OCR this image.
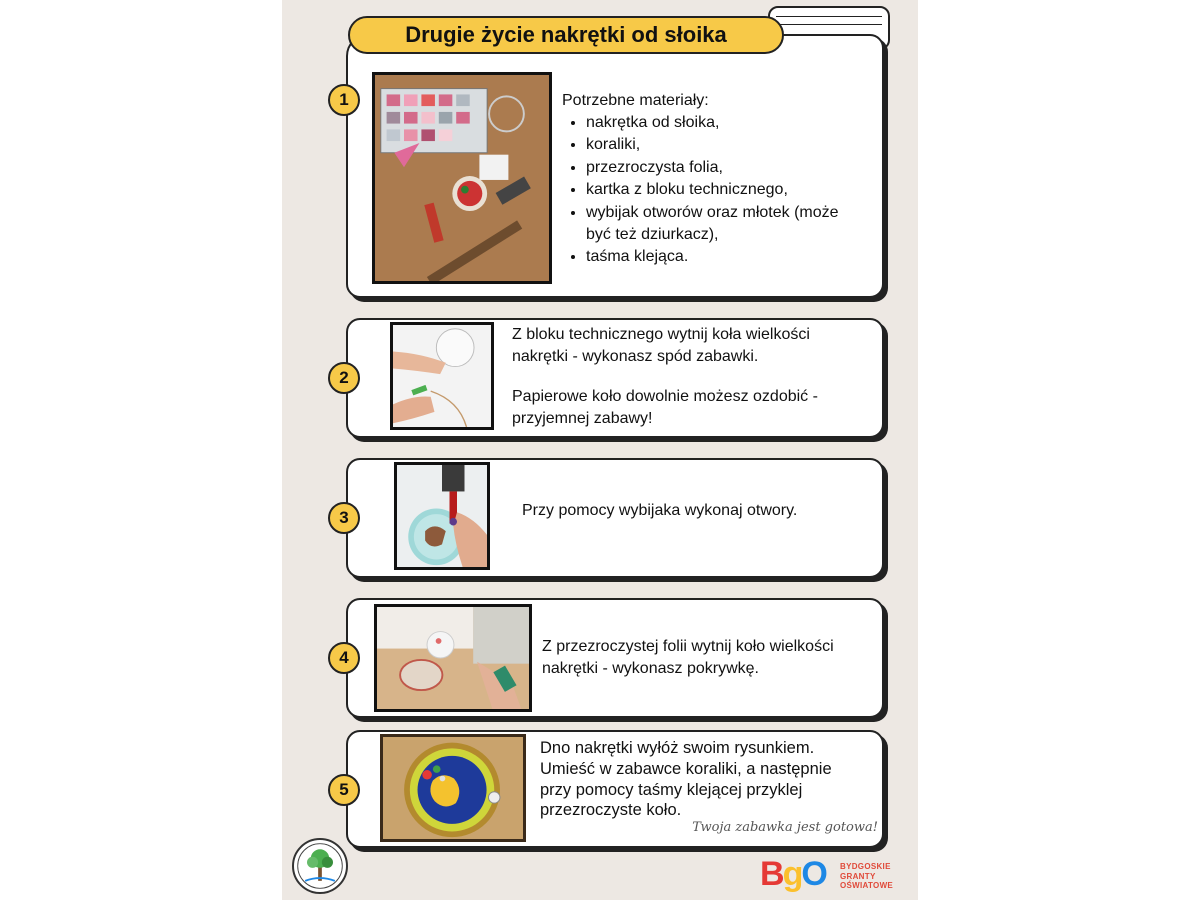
Drugie życie nakrętki od słoika
1	Potrzebne materiały:

• nakrętka od słoika,
• koraliki,
• przezroczysta folia,
• kartka z bloku technicznego,
• wybijak otworów oraz młotek (może być też dziurkacz),
• taśma klejąca.
2

Z bloku technicznego wytnij koła wielkości nakrętki - wykonasz spód zabawki.

Papierowe koło dowolnie możesz ozdobić - przyjemnej zabawy!

3	Przy pomocy wybijaka wykonaj otwory.
4
Z przezroczystej folii wytnij koło wielkości nakrętki - wykonasz pokrywkę.
5
Dno nakrętki wyłóż swoim rysunkiem. Umieść w zabawce koraliki, a następnie przy pomocy taśmy klejącej przyklej przezroczyste koło.
Twoja zabawka jest gotowa!
BgO BYDGOSKIE
GRANTY
OŚWIATOWE
